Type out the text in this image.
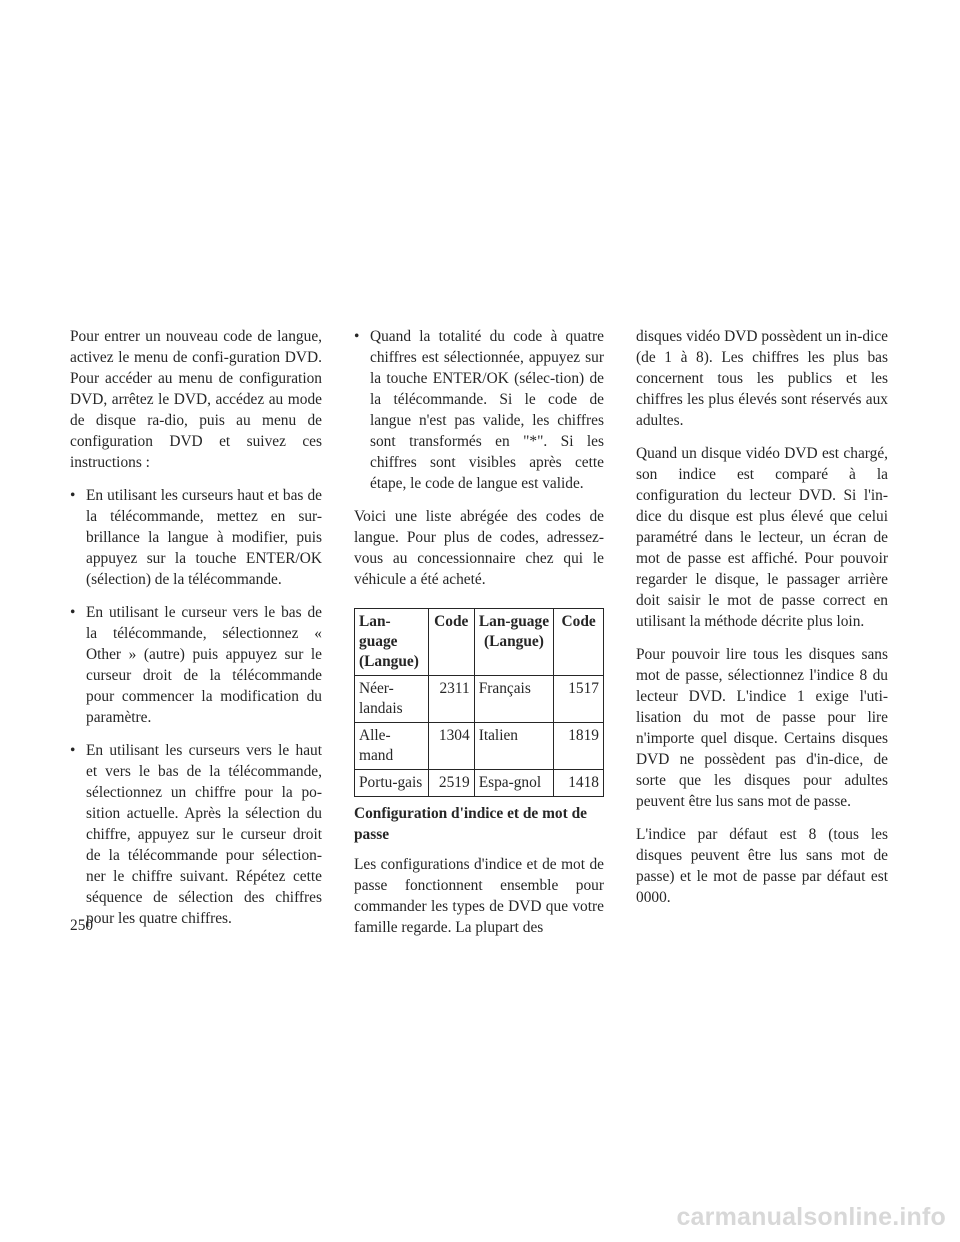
Pour entrer un nouveau code de langue, activez le menu de confi-guration DVD. Pour accéder au menu de configuration DVD, arrêtez le DVD, accédez au mode de disque ra-dio, puis au menu de configuration DVD et suivez ces instructions :

• En utilisant les curseurs haut et bas de la télécommande, mettez en sur-brillance la langue à modifier, puis appuyez sur la touche ENTER/OK (sélection) de la télécommande.
• En utilisant le curseur vers le bas de la télécommande, sélectionnez « Other » (autre) puis appuyez sur le curseur droit de la télécommande pour commencer la modification du paramètre.
• En utilisant les curseurs vers le haut et vers le bas de la télécommande, sélectionnez un chiffre pour la po-sition actuelle. Après la sélection du chiffre, appuyez sur le curseur droit de la télécommande pour sélection-ner le chiffre suivant. Répétez cette séquence de sélection des chiffres pour les quatre chiffres.
• Quand la totalité du code à quatre chiffres est sélectionnée, appuyez sur la touche ENTER/OK (sélec-tion) de la télécommande. Si le code de langue n'est pas valide, les chiffres sont transformés en "*". Si les chiffres sont visibles après cette étape, le code de langue est valide.

Voici une liste abrégée des codes de langue. Pour plus de codes, adressez-vous au concessionnaire chez qui le véhicule a été acheté.

Lan-guage (Langue)	Code	Lan-guage (Langue)	Code
Néer-landais	2311	Français	1517
Alle-mand	1304	Italien	1819
Portu-gais	2519	Espa-gnol	1418
Configuration d'indice et de mot de passe

Les configurations d'indice et de mot de passe fonctionnent ensemble pour commander les types de DVD que votre famille regarde. La plupart des

disques vidéo DVD possèdent un in-dice (de 1 à 8). Les chiffres les plus bas concernent tous les publics et les chiffres les plus élevés sont réservés aux adultes.

Quand un disque vidéo DVD est chargé, son indice est comparé à la configuration du lecteur DVD. Si l'in-dice du disque est plus élevé que celui paramétré dans le lecteur, un écran de mot de passe est affiché. Pour pouvoir regarder le disque, le passager arrière doit saisir le mot de passe correct en utilisant la méthode décrite plus loin.

Pour pouvoir lire tous les disques sans mot de passe, sélectionnez l'indice 8 du lecteur DVD. L'indice 1 exige l'uti-lisation du mot de passe pour lire n'importe quel disque. Certains disques DVD ne possèdent pas d'in-dice, de sorte que les disques pour adultes peuvent être lus sans mot de passe.

L'indice par défaut est 8 (tous les disques peuvent être lus sans mot de passe) et le mot de passe par défaut est 0000.

250
carmanualsonline.info
